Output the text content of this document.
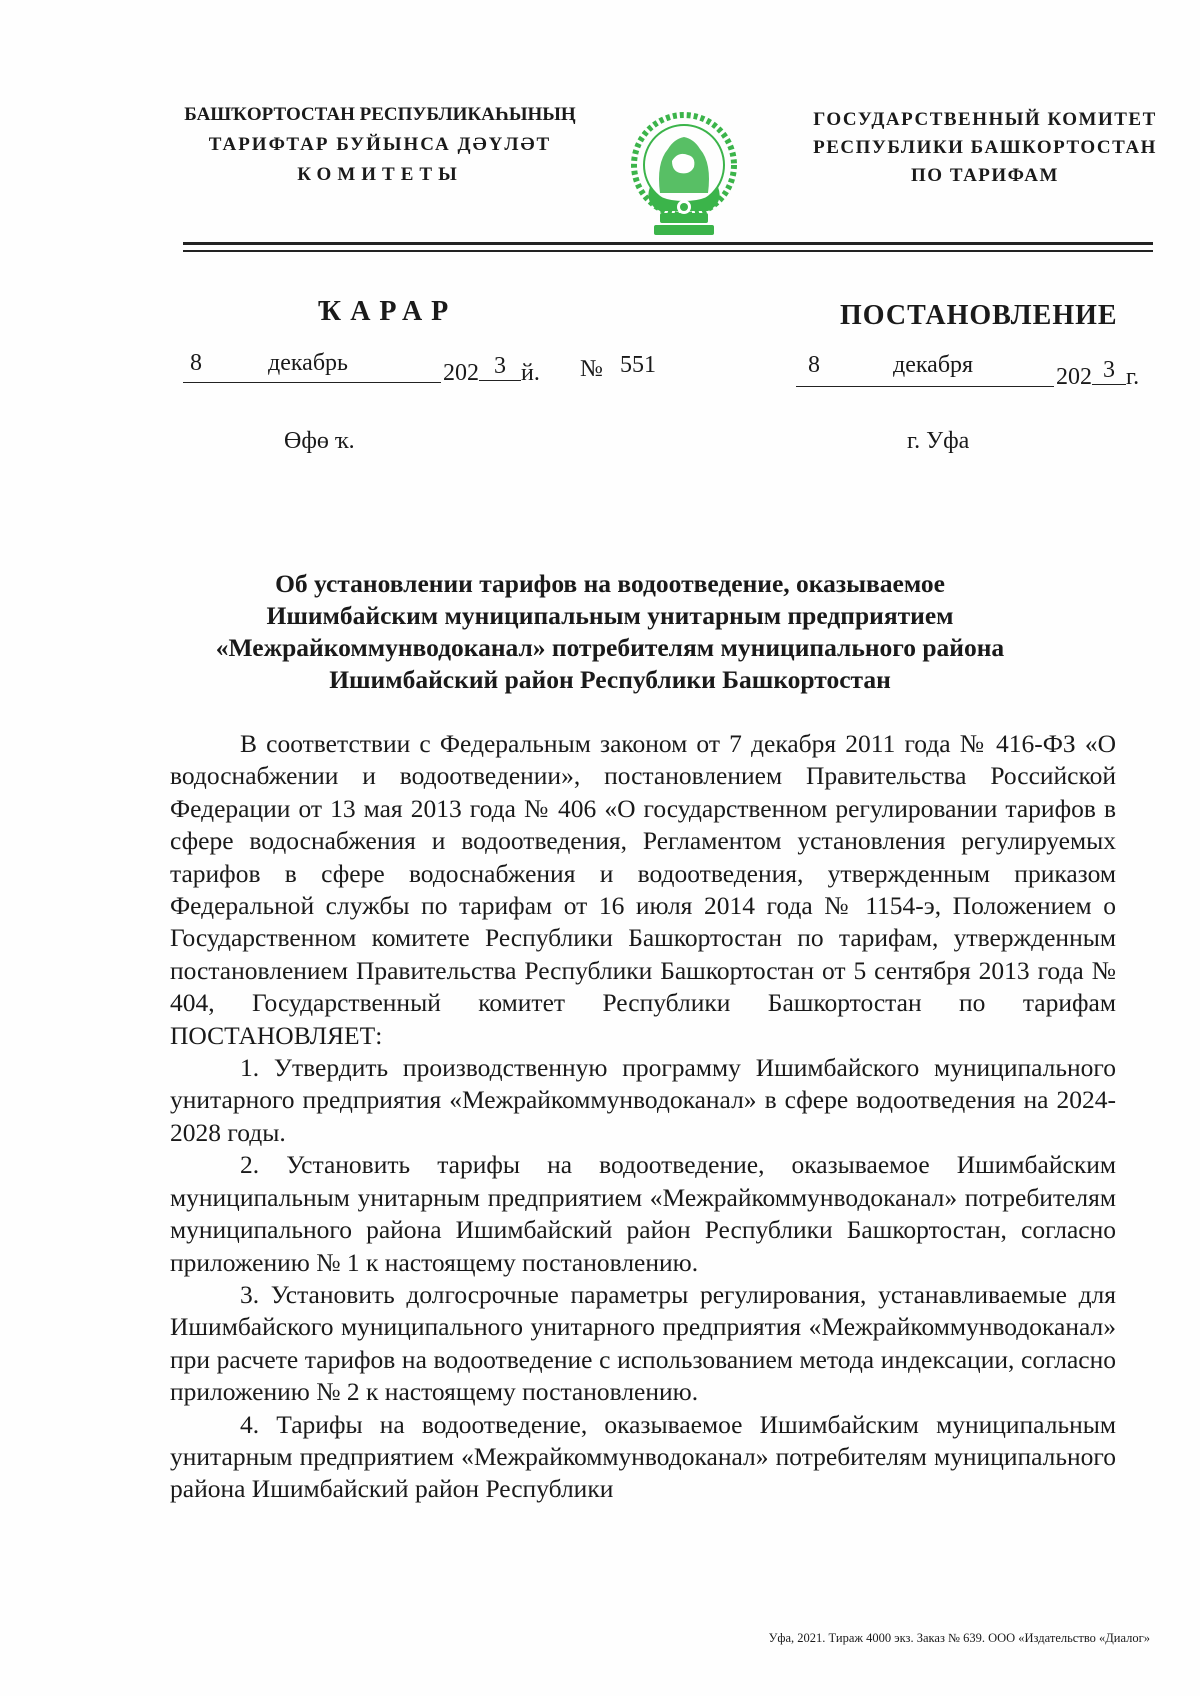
БАШҠОРТОСТАН РЕСПУБЛИКАҺЫНЫҢ
ТАРИФТАР БУЙЫНСА ДӘҮЛӘТ
КОМИТЕТЫ
ГОСУДАРСТВЕННЫЙ КОМИТЕТ
РЕСПУБЛИКИ БАШКОРТОСТАН
ПО ТАРИФАМ
ҠАРАР	ПОСТАНОВЛЕНИЕ
8	декабрь	202 3 й. № 551	8	декабря	202 3 г.
Өфө ҡ.	г. Уфа
Об установлении тарифов на водоотведение, оказываемое
Ишимбайским муниципальным унитарным предприятием
«Межрайкоммунводоканал» потребителям муниципального района
Ишимбайский район Республики Башкортостан

В соответствии с Федеральным законом от 7 декабря 2011 года № 416-ФЗ «О водоснабжении и водоотведении», постановлением Правительства Российской Федерации от 13 мая 2013 года № 406 «О государственном регулировании тарифов в сфере водоснабжения и водоотведения, Регламентом установления регулируемых тарифов в сфере водоснабжения и водоотведения, утвержденным приказом Федеральной службы по тарифам от 16 июля 2014 года № 1154-э, Положением о Государственном комитете Республики Башкортостан по тарифам, утвержденным постановлением Правительства Республики Башкортостан от 5 сентября 2013 года № 404, Государственный комитет Республики Башкортостан по тарифам ПОСТАНОВЛЯЕТ:

1. Утвердить производственную программу Ишимбайского муниципального унитарного предприятия «Межрайкоммунводоканал» в сфере водоотведения на 2024-2028 годы.

2. Установить тарифы на водоотведение, оказываемое Ишимбайским муниципальным унитарным предприятием «Межрайкоммунводоканал» потребителям муниципального района Ишимбайский район Республики Башкортостан, согласно приложению № 1 к настоящему постановлению.

3. Установить долгосрочные параметры регулирования, устанавливаемые для Ишимбайского муниципального унитарного предприятия «Межрайкоммунводоканал» при расчете тарифов на водоотведение с использованием метода индексации, согласно приложению № 2 к настоящему постановлению.

4. Тарифы на водоотведение, оказываемое Ишимбайским муниципальным унитарным предприятием «Межрайкоммунводоканал» потребителям муниципального района Ишимбайский район Республики

Уфа, 2021. Тираж 4000 экз. Заказ № 639. ООО «Издательство «Диалог»
